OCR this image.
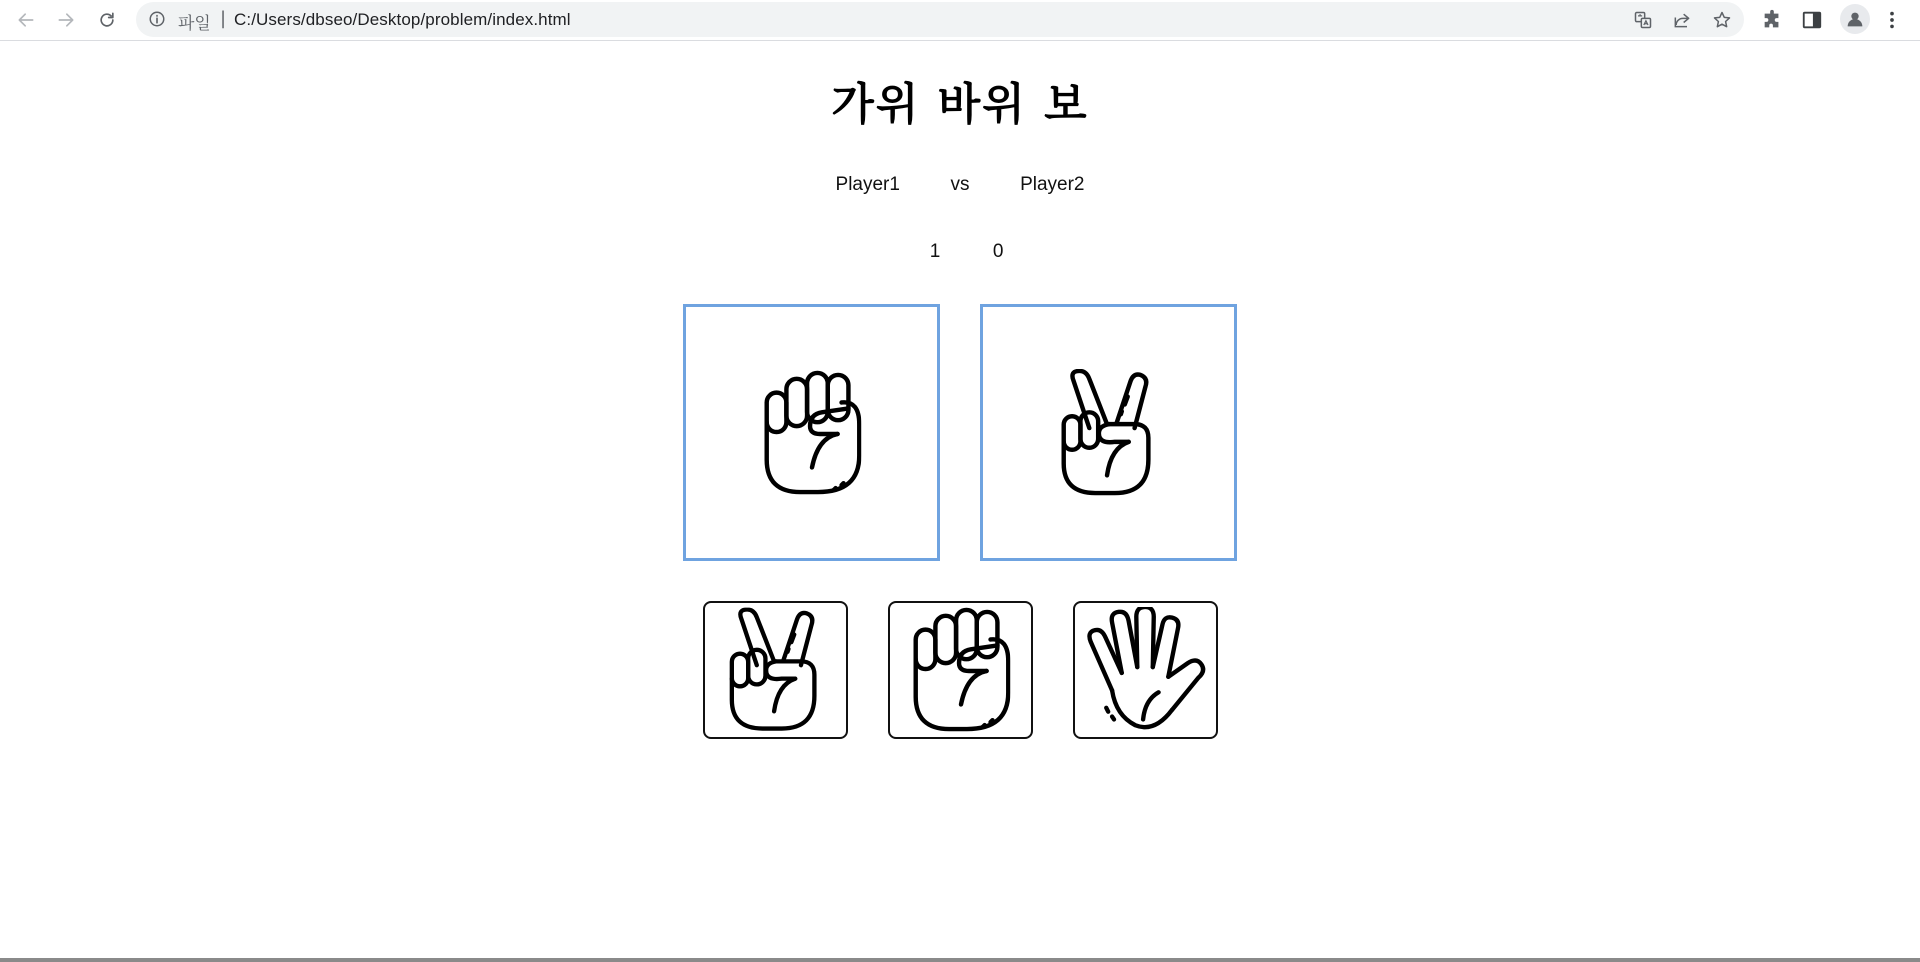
파일 | C:/Users/dbseo/Desktop/problem/index.html
가위 바위 보
Player1	vs	Player2
1	0
